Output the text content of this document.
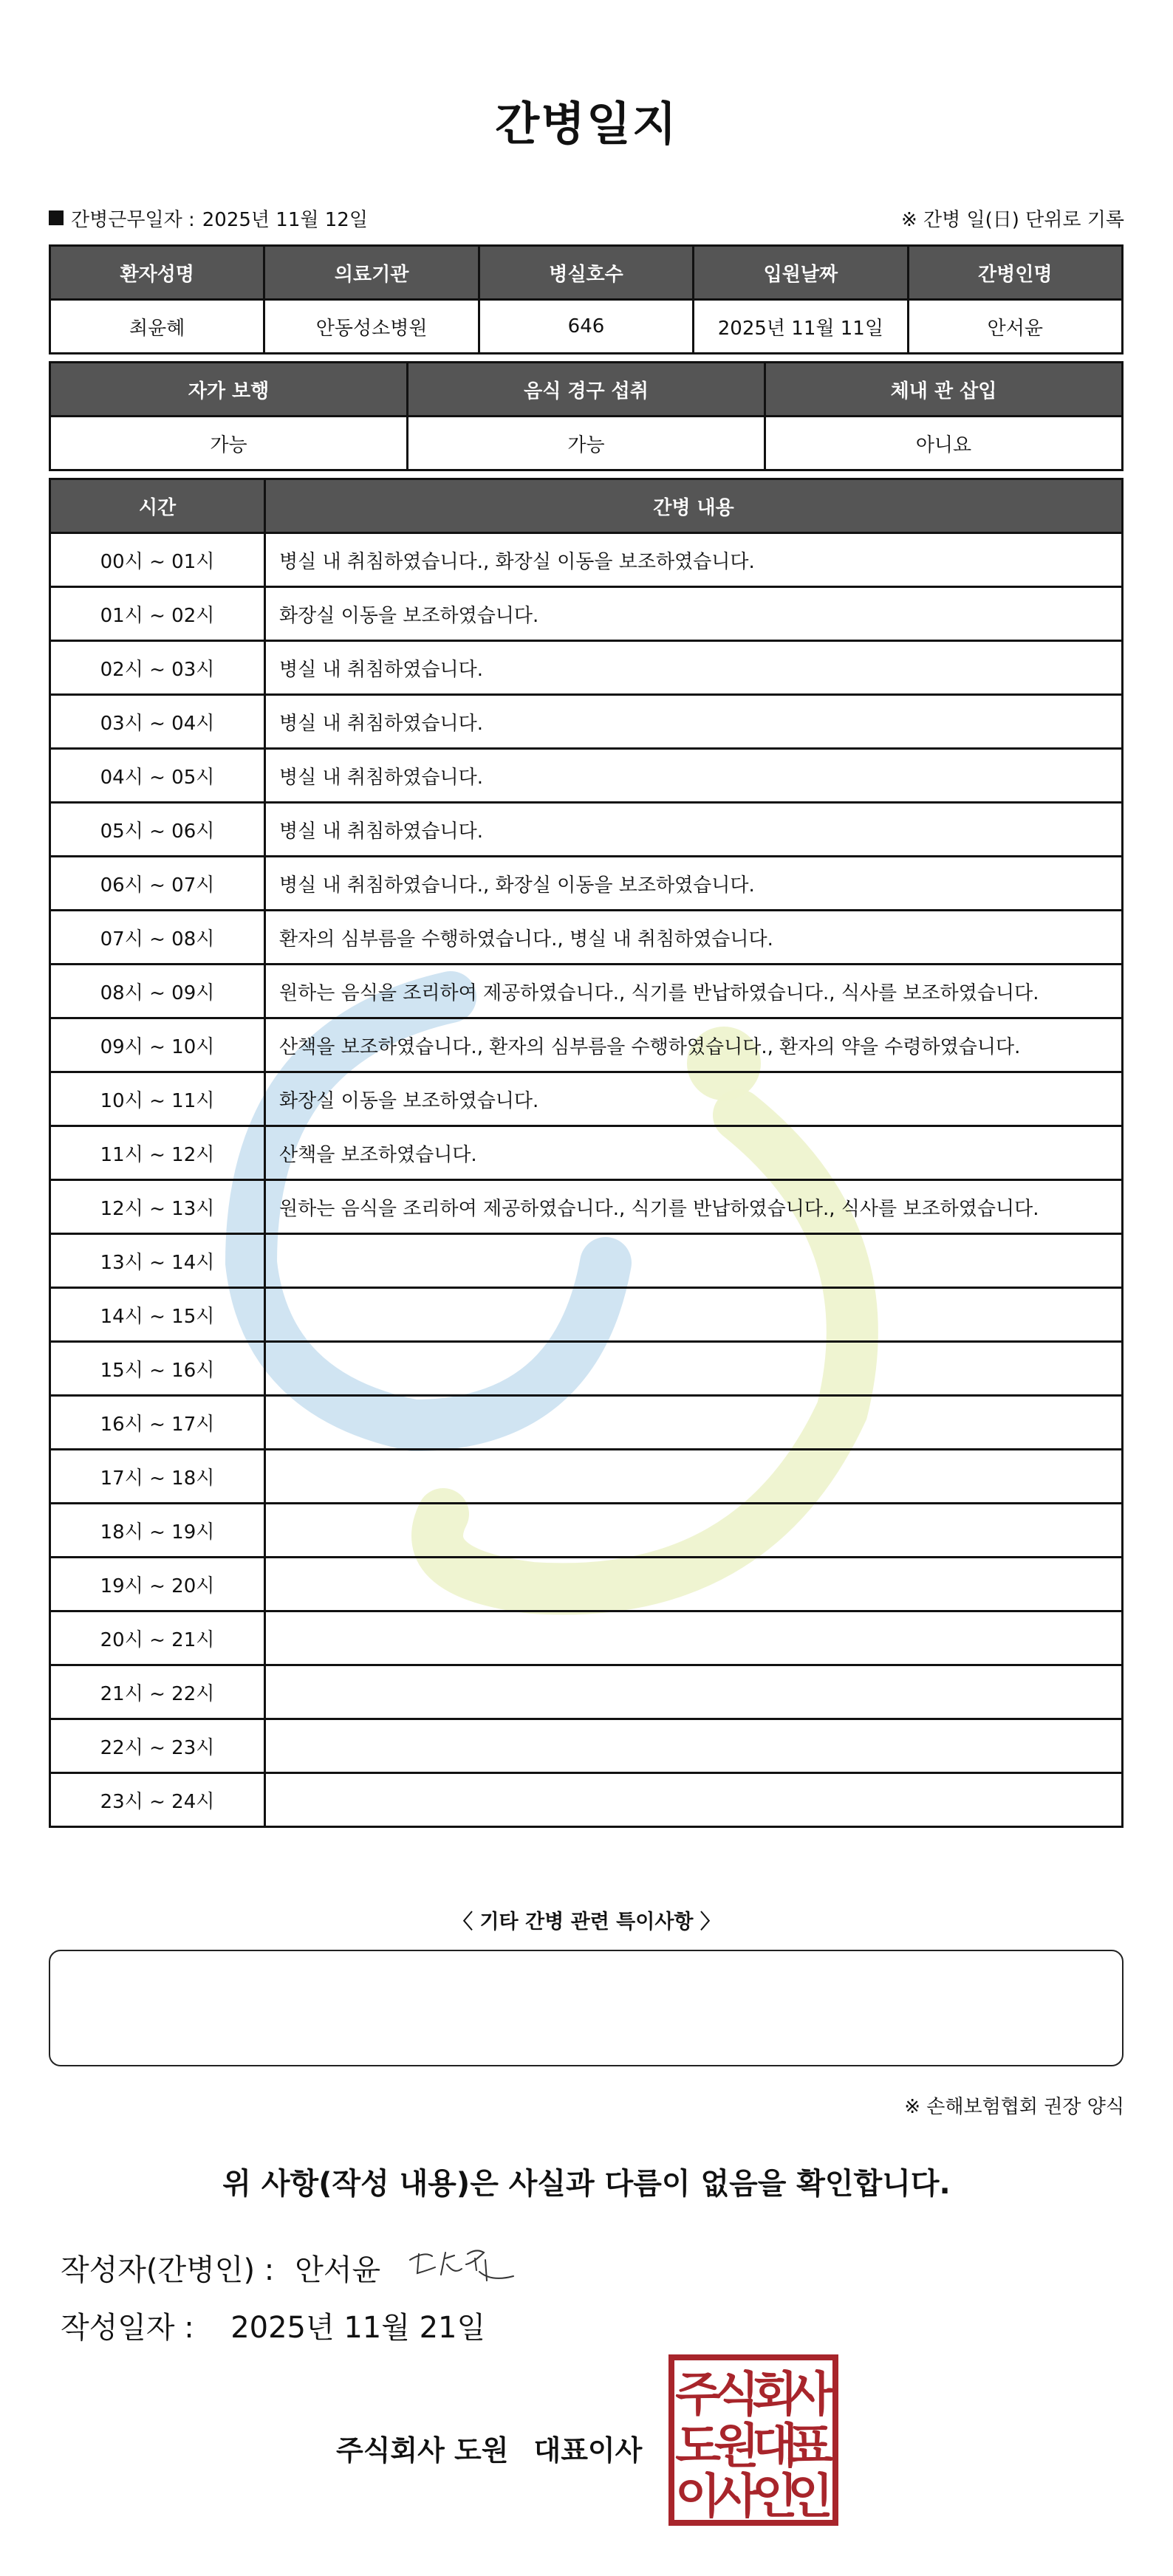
간병일지
간병근무일자 : 2025년 11월 12일	※ 간병 일(日) 단위로 기록
환자성명	의료기관	병실호수	입원날짜	간병인명
최윤혜	안동성소병원	646	2025년 11월 11일	안서윤
자가 보행	음식 경구 섭취	체내 관 삽입
가능	가능	아니요
시간	간병 내용
00시 ~ 01시	병실 내 취침하였습니다., 화장실 이동을 보조하였습니다.
01시 ~ 02시	화장실 이동을 보조하였습니다.
02시 ~ 03시	병실 내 취침하였습니다.
03시 ~ 04시	병실 내 취침하였습니다.
04시 ~ 05시	병실 내 취침하였습니다.
05시 ~ 06시	병실 내 취침하였습니다.
06시 ~ 07시	병실 내 취침하였습니다., 화장실 이동을 보조하였습니다.
07시 ~ 08시	환자의 심부름을 수행하였습니다., 병실 내 취침하였습니다.
08시 ~ 09시	원하는 음식을 조리하여 제공하였습니다., 식기를 반납하였습니다., 식사를 보조하였습니다.
09시 ~ 10시	산책을 보조하였습니다., 환자의 심부름을 수행하였습니다., 환자의 약을 수령하였습니다.
10시 ~ 11시	화장실 이동을 보조하였습니다.
11시 ~ 12시	산책을 보조하였습니다.
12시 ~ 13시	원하는 음식을 조리하여 제공하였습니다., 식기를 반납하였습니다., 식사를 보조하였습니다.
13시 ~ 14시	
14시 ~ 15시	
15시 ~ 16시	
16시 ~ 17시	
17시 ~ 18시	
18시 ~ 19시	
19시 ~ 20시	
20시 ~ 21시	
21시 ~ 22시	
22시 ~ 23시	
23시 ~ 24시	
〈 기타 간병 관련 특이사항 〉
※ 손해보험협회 권장 양식
위 사항(작성 내용)은 사실과 다름이 없음을 확인합니다.
작성자(간병인) : 안서윤
작성일자 : 2025년 11월 21일
주식회사 도원 대표이사
주
식
회
사
도
원
대
표
이
사
인
인
